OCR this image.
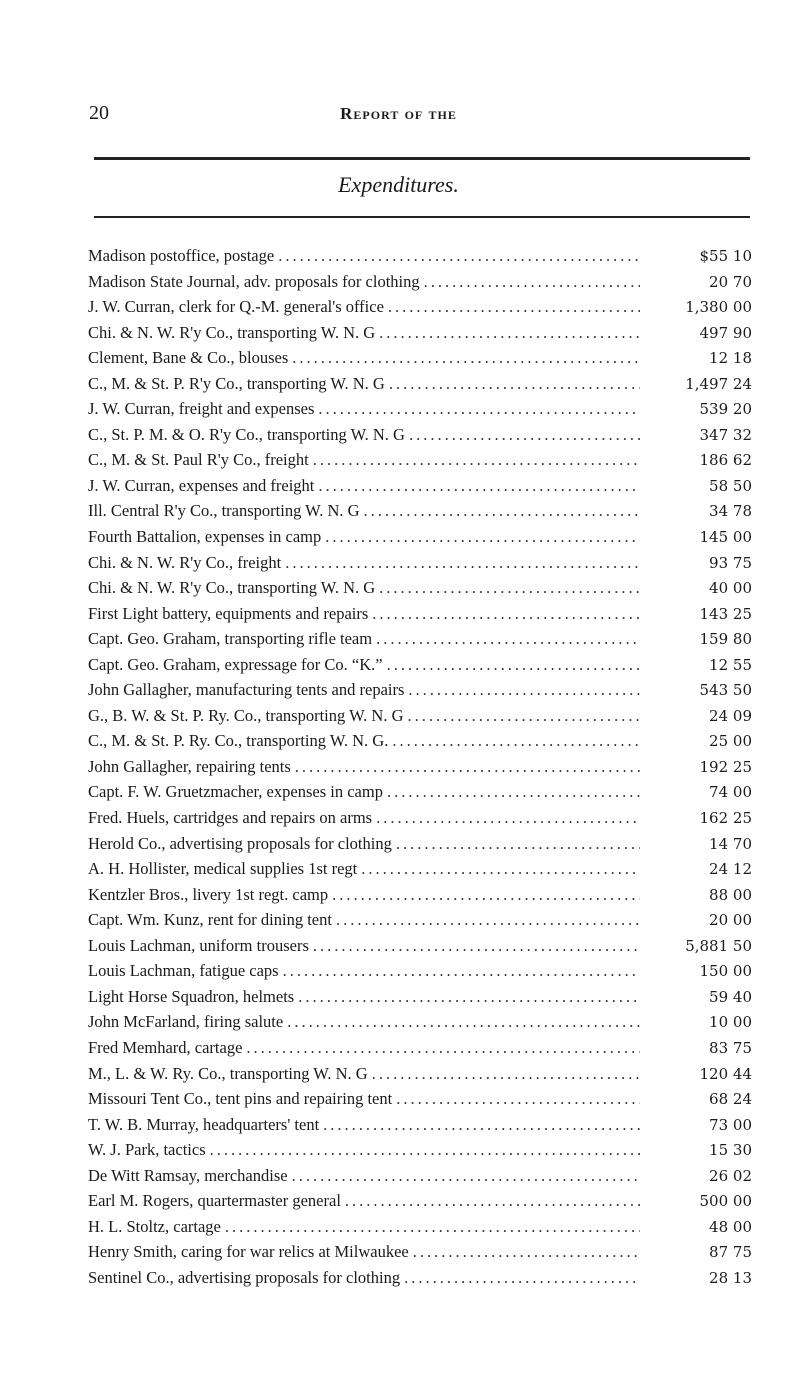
20	Report of the
Expenditures.
Madison postoffice, postage .....	$55 10
Madison State Journal, adv. proposals for clothing .....	20 70
J. W. Curran, clerk for Q.-M. general's office .....	1,380 00
Chi. & N. W. R'y Co., transporting W. N. G .....	497 90
Clement, Bane & Co., blouses .....	12 18
C., M. & St. P. R'y Co., transporting W. N. G .....	1,497 24
J. W. Curran, freight and expenses .....	539 20
C., St. P. M. & O. R'y Co., transporting W. N. G .....	347 32
C., M. & St. Paul R'y Co., freight .....	186 62
J. W. Curran, expenses and freight .....	58 50
Ill. Central R'y Co., transporting W. N. G .....	34 78
Fourth Battalion, expenses in camp .....	145 00
Chi. & N. W. R'y Co., freight .....	93 75
Chi. & N. W. R'y Co., transporting W. N. G .....	40 00
First Light battery, equipments and repairs .....	143 25
Capt. Geo. Graham, transporting rifle team .....	159 80
Capt. Geo. Graham, expressage for Co. “K.” .....	12 55
John Gallagher, manufacturing tents and repairs .....	543 50
G., B. W. & St. P. Ry. Co., transporting W. N. G .....	24 09
C., M. & St. P. Ry. Co., transporting W. N. G. .....	25 00
John Gallagher, repairing tents .....	192 25
Capt. F. W. Gruetzmacher, expenses in camp .....	74 00
Fred. Huels, cartridges and repairs on arms .....	162 25
Herold Co., advertising proposals for clothing .....	14 70
A. H. Hollister, medical supplies 1st regt .....	24 12
Kentzler Bros., livery 1st regt. camp .....	88 00
Capt. Wm. Kunz, rent for dining tent .....	20 00
Louis Lachman, uniform trousers .....	5,881 50
Louis Lachman, fatigue caps .....	150 00
Light Horse Squadron, helmets .....	59 40
John McFarland, firing salute .....	10 00
Fred Memhard, cartage .....	83 75
M., L. & W. Ry. Co., transporting W. N. G .....	120 44
Missouri Tent Co., tent pins and repairing tent .....	68 24
T. W. B. Murray, headquarters' tent .....	73 00
W. J. Park, tactics .....	15 30
De Witt Ramsay, merchandise .....	26 02
Earl M. Rogers, quartermaster general .....	500 00
H. L. Stoltz, cartage .....	48 00
Henry Smith, caring for war relics at Milwaukee .....	87 75
Sentinel Co., advertising proposals for clothing .....	28 13
